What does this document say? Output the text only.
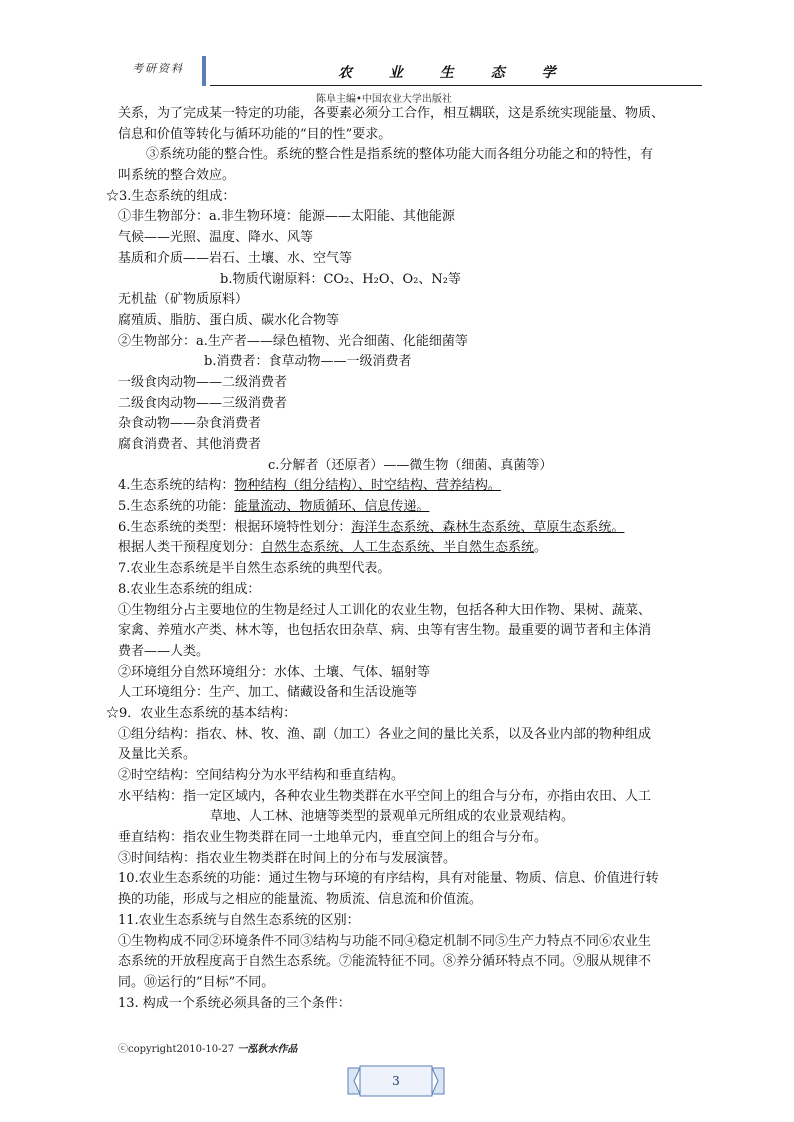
考研资料	农 业 生 态 学
陈阜主编•中国农业大学出版社
关系，为了完成某一特定的功能，各要素必须分工合作，相互耦联，这是系统实现能量、物质、
信息和价值等转化与循环功能的“目的性”要求。
③系统功能的整合性。系统的整合性是指系统的整体功能大而各组分功能之和的特性，有
叫系统的整合效应。
☆3.生态系统的组成：
①非生物部分：a.非生物环境：能源——太阳能、其他能源
气候——光照、温度、降水、风等
基质和介质——岩石、土壤、水、空气等
b.物质代谢原料：CO₂、H₂O、O₂、N₂等
无机盐（矿物质原料）
腐殖质、脂肪、蛋白质、碳水化合物等
②生物部分：a.生产者——绿色植物、光合细菌、化能细菌等
b.消费者：食草动物——一级消费者
一级食肉动物——二级消费者
二级食肉动物——三级消费者
杂食动物——杂食消费者
腐食消费者、其他消费者
c.分解者（还原者）——微生物（细菌、真菌等）
4.生态系统的结构：物种结构（组分结构）、时空结构、营养结构。
5.生态系统的功能：能量流动、物质循环、信息传递。
6.生态系统的类型：根据环境特性划分：海洋生态系统、森林生态系统、草原生态系统。
根据人类干预程度划分：自然生态系统、人工生态系统、半自然生态系统。
7.农业生态系统是半自然生态系统的典型代表。
8.农业生态系统的组成：
①生物组分占主要地位的生物是经过人工训化的农业生物，包括各种大田作物、果树、蔬菜、
家禽、养殖水产类、林木等，也包括农田杂草、病、虫等有害生物。最重要的调节者和主体消
费者——人类。
②环境组分自然环境组分：水体、土壤、气体、辐射等
人工环境组分：生产、加工、储藏设备和生活设施等
☆9．农业生态系统的基本结构：
①组分结构：指农、林、牧、渔、副（加工）各业之间的量比关系，以及各业内部的物种组成
及量比关系。
②时空结构：空间结构分为水平结构和垂直结构。
水平结构：指一定区域内，各种农业生物类群在水平空间上的组合与分布，亦指由农田、人工
草地、人工林、池塘等类型的景观单元所组成的农业景观结构。
垂直结构：指农业生物类群在同一土地单元内，垂直空间上的组合与分布。
③时间结构：指农业生物类群在时间上的分布与发展演替。
10.农业生态系统的功能：通过生物与环境的有序结构，具有对能量、物质、信息、价值进行转
换的功能，形成与之相应的能量流、物质流、信息流和价值流。
11.农业生态系统与自然生态系统的区别：
①生物构成不同②环境条件不同③结构与功能不同④稳定机制不同⑤生产力特点不同⑥农业生
态系统的开放程度高于自然生态系统。⑦能流特征不同。⑧养分循环特点不同。⑨服从规律不
同。⑩运行的“目标”不同。
13. 构成一个系统必须具备的三个条件：
ⓒcopyright2010-10-27 一泓秋水作品
3
